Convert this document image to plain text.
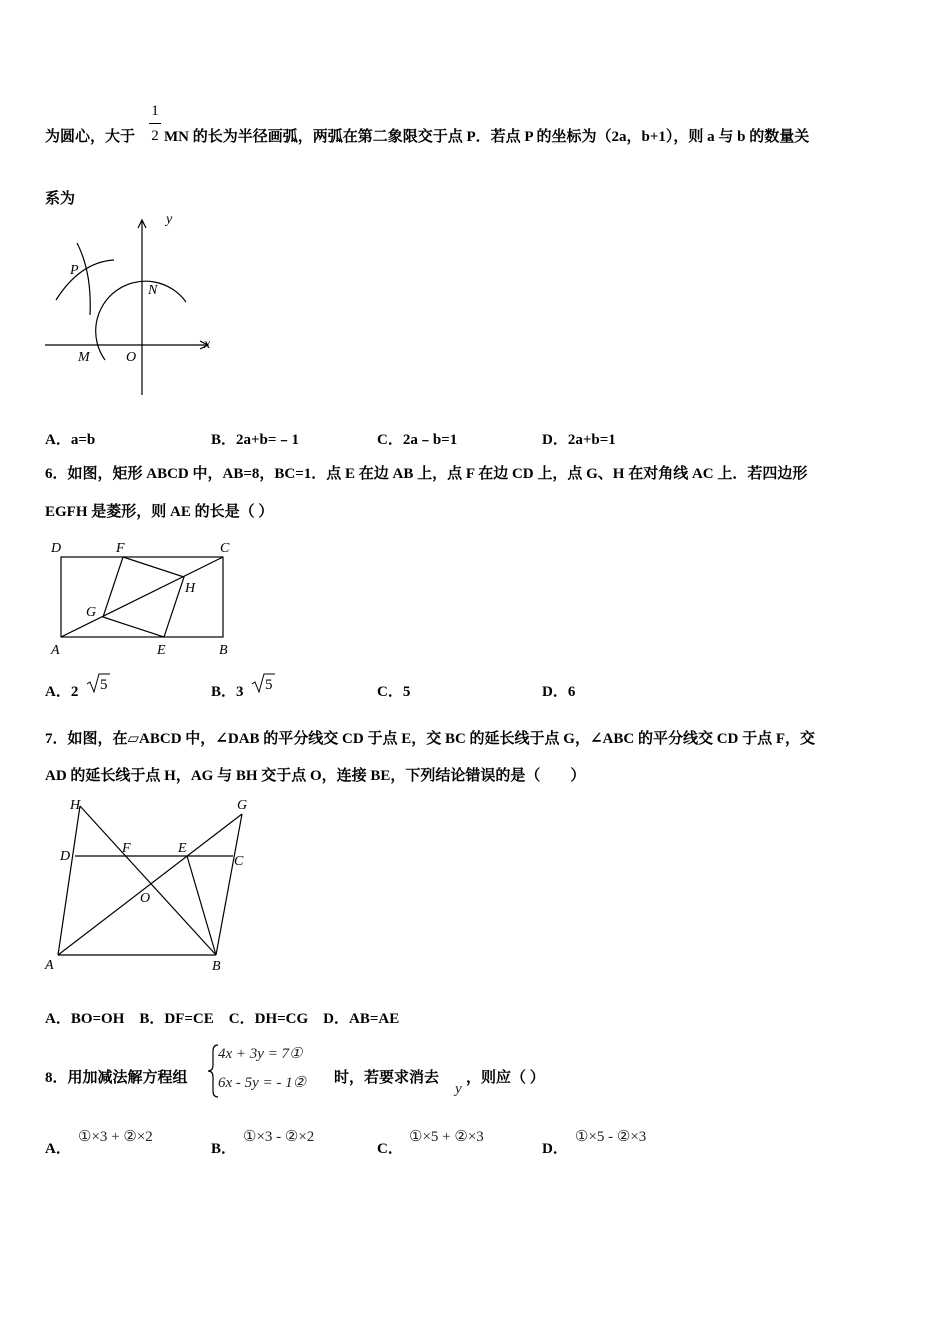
1
2
为圆心，大于 MN 的长为半径画弧，两弧在第二象限交于点 P．若点 P 的坐标为（2a，b+1），则 a 与 b 的数量关
系为
y
x
P
N
M	O
A．a=b	B．2a+b=﹣1	C．2a﹣b=1	D．2a+b=1
6．如图，矩形 ABCD 中，AB=8，BC=1．点 E 在边 AB 上，点 F 在边 CD 上，点 G、H 在对角线 AC 上．若四边形
EGFH 是菱形，则 AE 的长是（ ）
D	F	C
H
G
A	E	B
A．2 5	B．3 5	C．5	D．6
7．如图，在▱ABCD 中，∠DAB 的平分线交 CD 于点 E，交 BC 的延长线于点 G，∠ABC 的平分线交 CD 于点 F，交
AD 的延长线于点 H，AG 与 BH 交于点 O，连接 BE，下列结论错误的是（　　）
H	G
D
F	E
C
O
A	B
A．BO=OH　B．DF=CE　C．DH=CG　D．AB=AE
8．用加减法解方程组
4x + 3y = 7①
6x - 5y = - 1② 时，若要求消去
y
，则应（ ）
A．
①×3 + ②×2
B．
①×3 - ②×2
C．
①×5 + ②×3
D．
①×5 - ②×3
